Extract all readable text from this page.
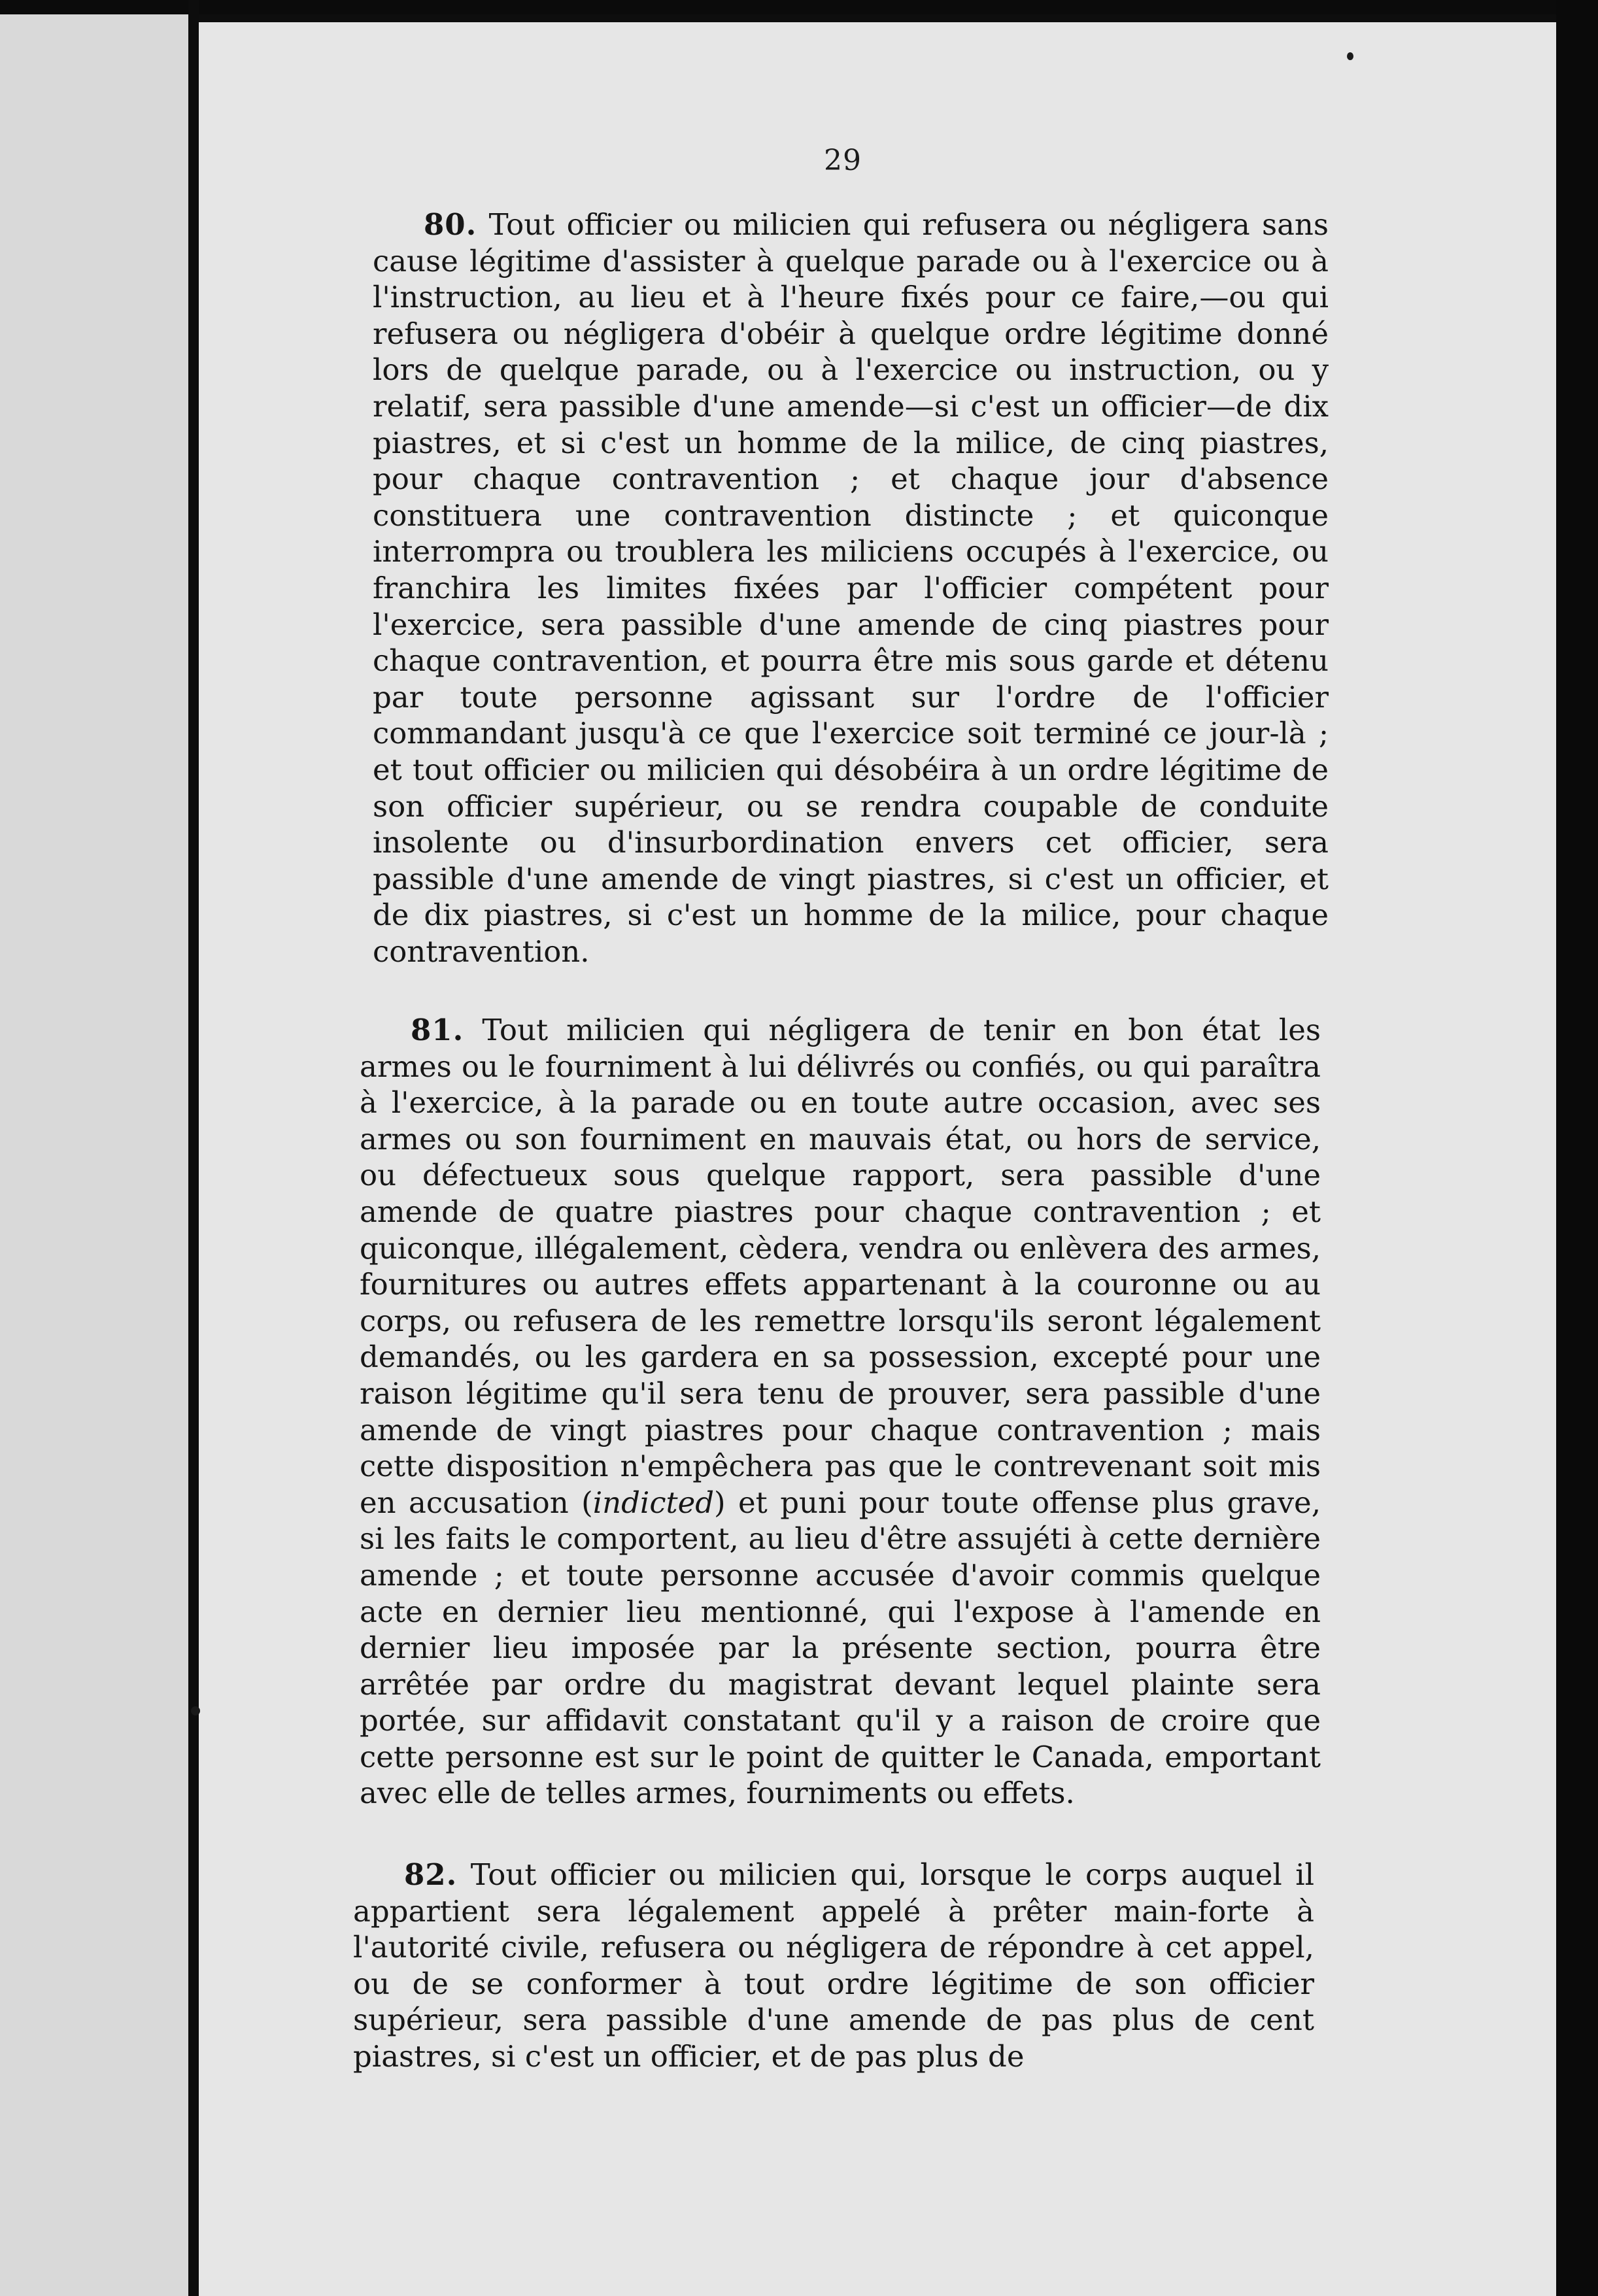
29

80. Tout officier ou milicien qui refusera ou négligera sans cause légitime d'assister à quelque parade ou à l'exercice ou à l'instruction, au lieu et à l'heure fixés pour ce faire,—ou qui refusera ou négligera d'obéir à quelque ordre légitime donné lors de quelque parade, ou à l'exercice ou instruction, ou y relatif, sera passible d'une amende—si c'est un officier—de dix piastres, et si c'est un homme de la milice, de cinq piastres, pour chaque contravention ; et chaque jour d'absence constituera une contravention distincte ; et quiconque interrompra ou troublera les miliciens occupés à l'exercice, ou franchira les limites fixées par l'officier compétent pour l'exercice, sera passible d'une amende de cinq piastres pour chaque contravention, et pourra être mis sous garde et détenu par toute personne agissant sur l'ordre de l'officier commandant jusqu'à ce que l'exercice soit terminé ce jour-là ; et tout officier ou milicien qui désobéira à un ordre légitime de son officier supérieur, ou se rendra coupable de conduite insolente ou d'insurbordination envers cet officier, sera passible d'une amende de vingt piastres, si c'est un officier, et de dix piastres, si c'est un homme de la milice, pour chaque contravention.

81. Tout milicien qui négligera de tenir en bon état les armes ou le fourniment à lui délivrés ou confiés, ou qui paraîtra à l'exercice, à la parade ou en toute autre occasion, avec ses armes ou son fourniment en mauvais état, ou hors de service, ou défectueux sous quelque rapport, sera passible d'une amende de quatre piastres pour chaque contravention ; et quiconque, illégalement, cèdera, vendra ou enlèvera des armes, fournitures ou autres effets appartenant à la couronne ou au corps, ou refusera de les remettre lorsqu'ils seront légalement demandés, ou les gardera en sa possession, excepté pour une raison légitime qu'il sera tenu de prouver, sera passible d'une amende de vingt piastres pour chaque contravention ; mais cette disposition n'empêchera pas que le contrevenant soit mis en accusation (indicted) et puni pour toute offense plus grave, si les faits le comportent, au lieu d'être assujéti à cette dernière amende ; et toute personne accusée d'avoir commis quelque acte en dernier lieu mentionné, qui l'expose à l'amende en dernier lieu imposée par la présente section, pourra être arrêtée par ordre du magistrat devant lequel plainte sera portée, sur affidavit constatant qu'il y a raison de croire que cette personne est sur le point de quitter le Canada, emportant avec elle de telles armes, fourniments ou effets.

82. Tout officier ou milicien qui, lorsque le corps auquel il appartient sera légalement appelé à prêter main-forte à l'autorité civile, refusera ou négligera de répondre à cet appel, ou de se conformer à tout ordre légitime de son officier supérieur, sera passible d'une amende de pas plus de cent piastres, si c'est un officier, et de pas plus de
